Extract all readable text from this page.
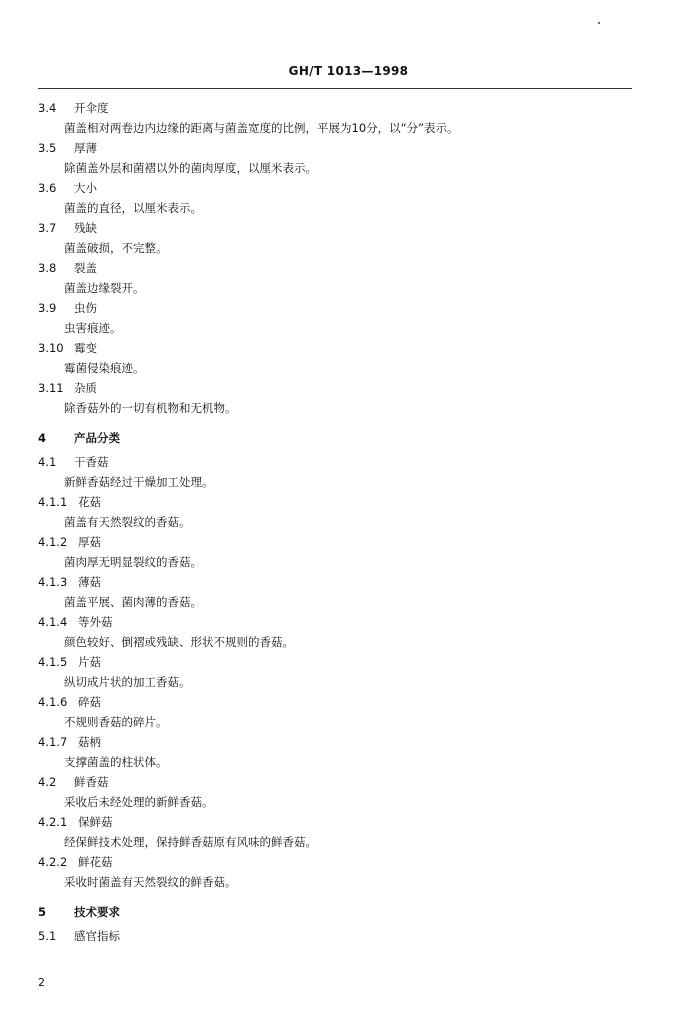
GH/T 1013—1998
3.4 开伞度
菌盖相对两卷边内边缘的距离与菌盖宽度的比例，平展为10分，以“分”表示。
3.5 厚薄
除菌盖外层和菌褶以外的菌肉厚度，以厘米表示。
3.6 大小
菌盖的直径，以厘米表示。
3.7 残缺
菌盖破损，不完整。
3.8 裂盖
菌盖边缘裂开。
3.9 虫伤
虫害痕迹。
3.10 霉变
霉菌侵染痕迹。
3.11 杂质
除香菇外的一切有机物和无机物。
4 产品分类
4.1 干香菇
新鲜香菇经过干燥加工处理。
4.1.1 花菇
菌盖有天然裂纹的香菇。
4.1.2 厚菇
菌肉厚无明显裂纹的香菇。
4.1.3 薄菇
菌盖平展、菌肉薄的香菇。
4.1.4 等外菇
颜色较好、倒褶或残缺、形状不规则的香菇。
4.1.5 片菇
纵切成片状的加工香菇。
4.1.6 碎菇
不规则香菇的碎片。
4.1.7 菇柄
支撑菌盖的柱状体。
4.2 鲜香菇
采收后未经处理的新鲜香菇。
4.2.1 保鲜菇
经保鲜技术处理，保持鲜香菇原有风味的鲜香菇。
4.2.2 鲜花菇
采收时菌盖有天然裂纹的鲜香菇。
5 技术要求
5.1 感官指标
2
